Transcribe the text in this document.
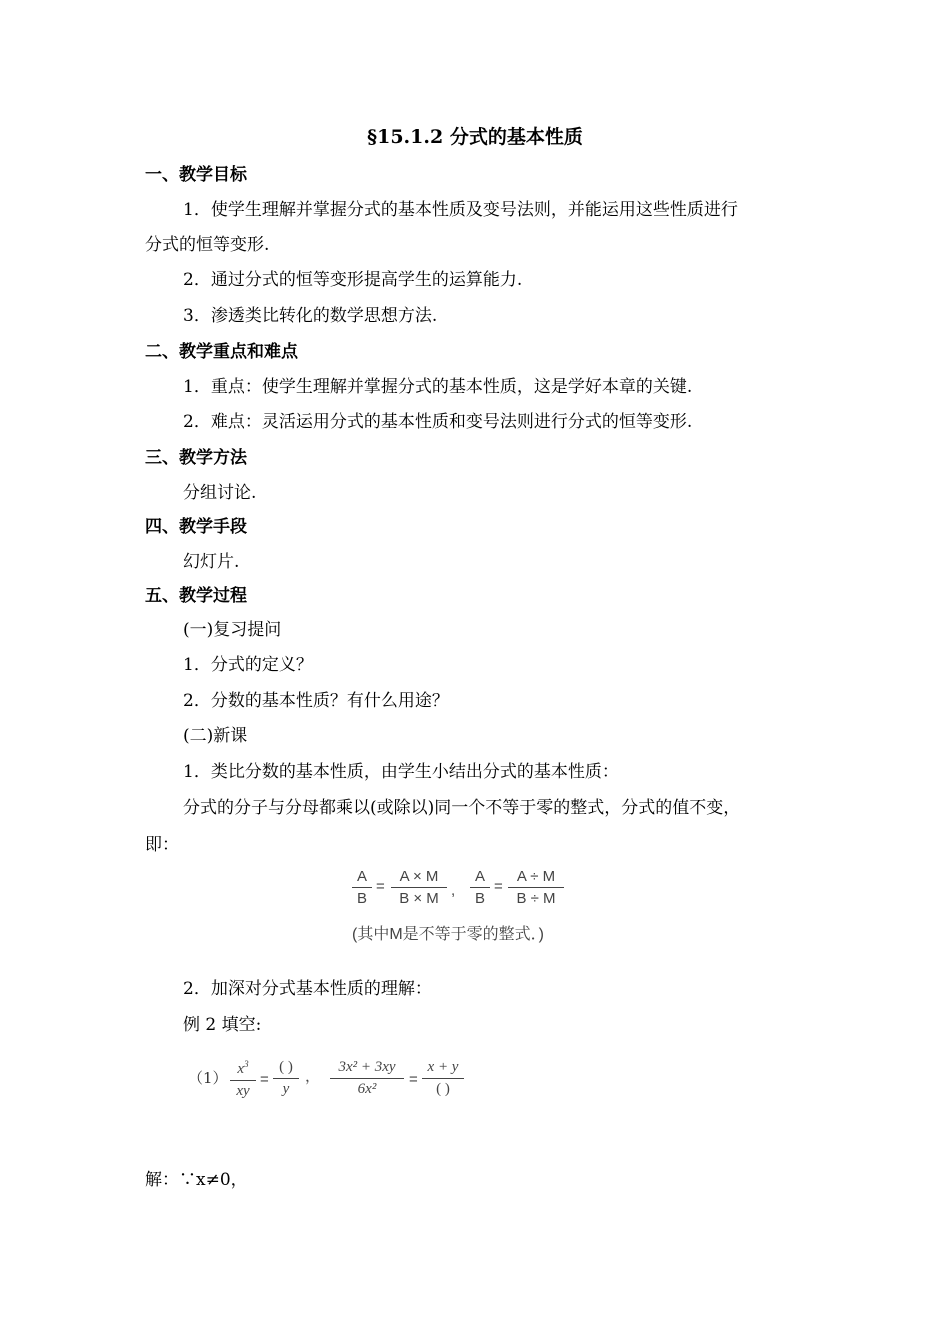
§15.1.2 分式的基本性质
一、教学目标
1．使学生理解并掌握分式的基本性质及变号法则，并能运用这些性质进行
分式的恒等变形.
2．通过分式的恒等变形提高学生的运算能力.
3．渗透类比转化的数学思想方法.
二、教学重点和难点
1．重点：使学生理解并掌握分式的基本性质，这是学好本章的关键.
2．难点：灵活运用分式的基本性质和变号法则进行分式的恒等变形.
三、教学方法
分组讨论.
四、教学手段
幻灯片.
五、教学过程
(一)复习提问
1．分式的定义？
2．分数的基本性质？有什么用途？
(二)新课
1．类比分数的基本性质，由学生小结出分式的基本性质：
分式的分子与分母都乘以(或除以)同一个不等于零的整式，分式的值不变，
即：
A
B
=
A × M
B × M ,
A
B
=
A ÷ M
B ÷ M
(其中M是不等于零的整式．)
2．加深对分式基本性质的理解：
例 2 填空:
（1） $x^3$
xy
=
( )
y
，
3x² + 3xy
6x²
=
x + y
( )
解：∵x≠0，
